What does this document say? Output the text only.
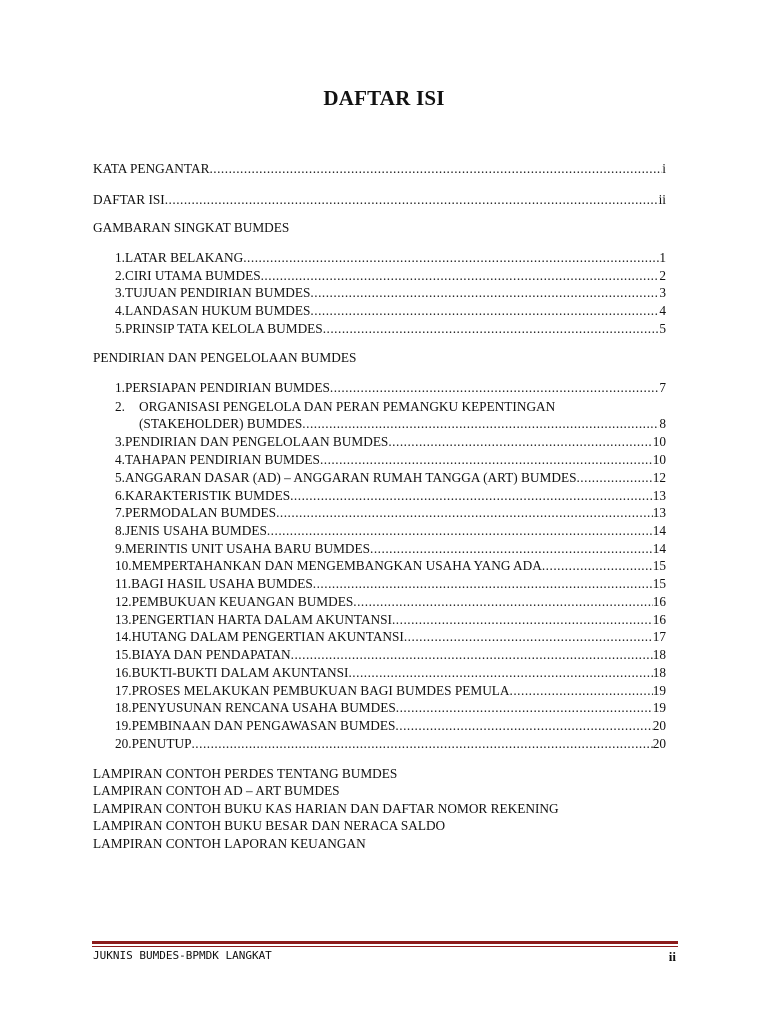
DAFTAR ISI
KATA PENGANTAR .....	i
DAFTAR ISI .....	ii
GAMBARAN SINGKAT BUMDES
1. LATAR BELAKANG .....	1
2. CIRI UTAMA BUMDES .....	2
3. TUJUAN PENDIRIAN BUMDES .....	3
4. LANDASAN HUKUM BUMDES .....	4
5. PRINSIP TATA KELOLA BUMDES .....	5
PENDIRIAN DAN PENGELOLAAN BUMDES
1. PERSIAPAN PENDIRIAN BUMDES .....	7
2. ORGANISASI PENGELOLA DAN PERAN PEMANGKU KEPENTINGAN
(STAKEHOLDER) BUMDES .....	8
3. PENDIRIAN DAN PENGELOLAAN BUMDES .....	10
4. TAHAPAN PENDIRIAN BUMDES .....	10
5. ANGGARAN DASAR (AD) – ANGGARAN RUMAH TANGGA (ART) BUMDES .....	12
6. KARAKTERISTIK BUMDES .....	13
7. PERMODALAN BUMDES .....	13
8. JENIS USAHA BUMDES .....	14
9. MERINTIS UNIT USAHA BARU BUMDES .....	14
10. MEMPERTAHANKAN DAN MENGEMBANGKAN USAHA YANG ADA .....	15
11. BAGI HASIL USAHA BUMDES .....	15
12. PEMBUKUAN KEUANGAN BUMDES .....	16
13. PENGERTIAN HARTA DALAM AKUNTANSI .....	16
14. HUTANG DALAM PENGERTIAN AKUNTANSI .....	17
15. BIAYA DAN PENDAPATAN .....	18
16. BUKTI-BUKTI DALAM AKUNTANSI .....	18
17. PROSES MELAKUKAN PEMBUKUAN BAGI BUMDES PEMULA .....	19
18. PENYUSUNAN RENCANA USAHA BUMDES .....	19
19. PEMBINAAN DAN PENGAWASAN BUMDES .....	20
20. PENUTUP .....	20
LAMPIRAN CONTOH PERDES TENTANG BUMDES
LAMPIRAN CONTOH AD – ART BUMDES
LAMPIRAN CONTOH BUKU KAS HARIAN DAN DAFTAR NOMOR REKENING
LAMPIRAN CONTOH BUKU BESAR DAN NERACA SALDO
LAMPIRAN CONTOH LAPORAN KEUANGAN
JUKNIS BUMDES-BPMDK LANGKAT	ii
